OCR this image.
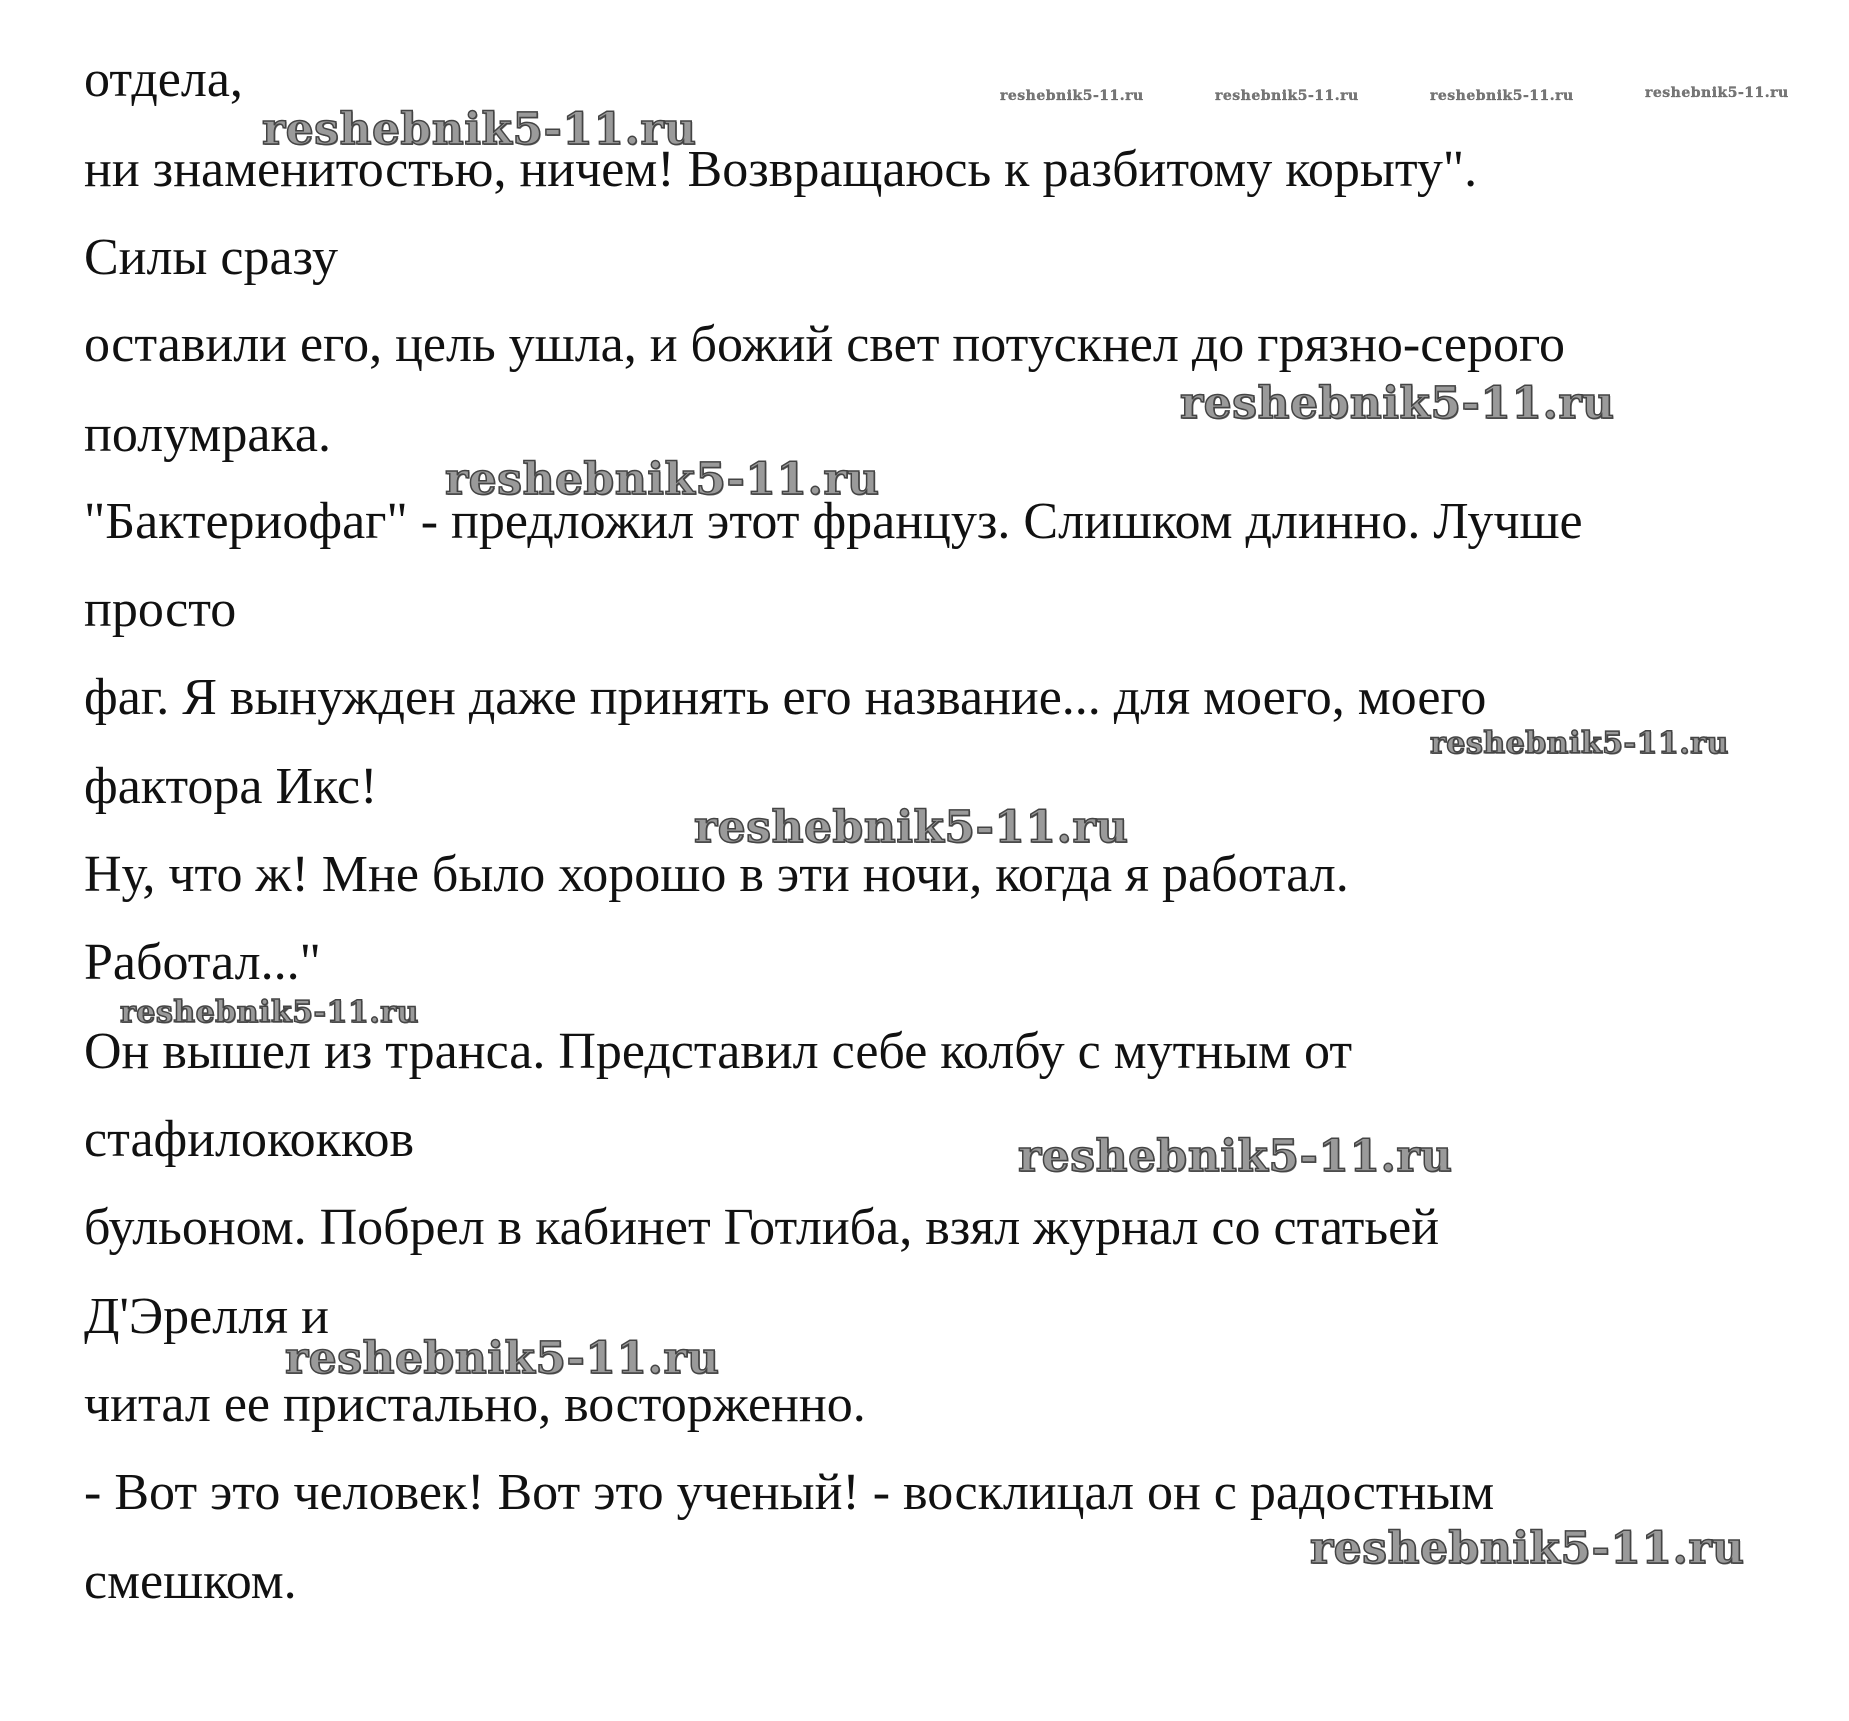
reshebnik5-11.ru	reshebnik5-11.ru	reshebnik5-11.ru	reshebnik5-11.ru
отдела,
ни знаменитостью, ничем! Возвращаюсь к разбитому корыту".
Силы сразу
оставили его, цель ушла, и божий свет потускнел до грязно-серого
полумрака.
"Бактериофаг" - предложил этот француз. Слишком длинно. Лучше
просто
фаг. Я вынужден даже принять его название... для моего, моего
фактора Икс!
Ну, что ж! Мне было хорошо в эти ночи, когда я работал.
Работал..."
Он вышел из транса. Представил себе колбу с мутным от
стафилококков
бульоном. Побрел в кабинет Готлиба, взял журнал со статьей
Д'Эрелля и
читал ее пристально, восторженно.
- Вот это человек! Вот это ученый! - восклицал он с радостным
смешком.
reshebnik5-11.ru
reshebnik5-11.ru
reshebnik5-11.ru
reshebnik5-11.ru
reshebnik5-11.ru
reshebnik5-11.ru
reshebnik5-11.ru
reshebnik5-11.ru
reshebnik5-11.ru
